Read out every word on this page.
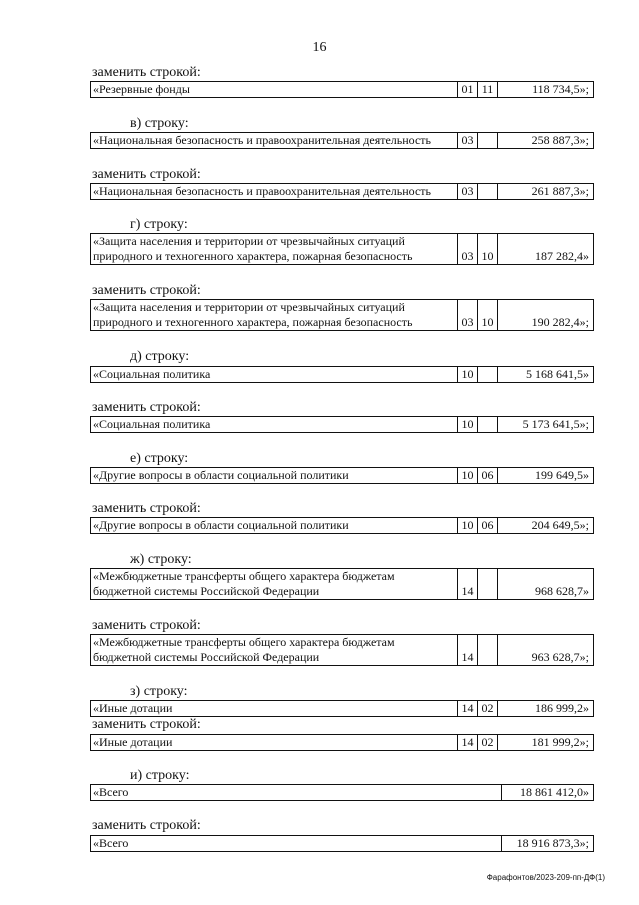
16
заменить строкой:
«Резервные фонды	01	11	118 734,5»;
в) строку:
«Национальная безопасность и правоохранительная деятельность	03		258 887,3»;
заменить строкой:
«Национальная безопасность и правоохранительная деятельность	03		261 887,3»;
г) строку:
«Защита населения и территории от чрезвычайных ситуаций
природного и техногенного характера, пожарная безопасность	03	10	187 282,4»
заменить строкой:
«Защита населения и территории от чрезвычайных ситуаций
природного и техногенного характера, пожарная безопасность	03	10	190 282,4»;
д) строку:
«Социальная политика	10		5 168 641,5»
заменить строкой:
«Социальная политика	10		5 173 641,5»;
е) строку:
«Другие вопросы в области социальной политики	10	06	199 649,5»
заменить строкой:
«Другие вопросы в области социальной политики	10	06	204 649,5»;
ж) строку:
«Межбюджетные трансферты общего характера бюджетам
бюджетной системы Российской Федерации	14		968 628,7»
заменить строкой:
«Межбюджетные трансферты общего характера бюджетам
бюджетной системы Российской Федерации	14		963 628,7»;
з) строку:
«Иные дотации	14	02	186 999,2»
заменить строкой:
«Иные дотации	14	02	181 999,2»;
и) строку:
«Всего	18 861 412,0»
заменить строкой:
«Всего	18 916 873,3»;
Фарафонтов/2023-209-пп-ДФ(1)
